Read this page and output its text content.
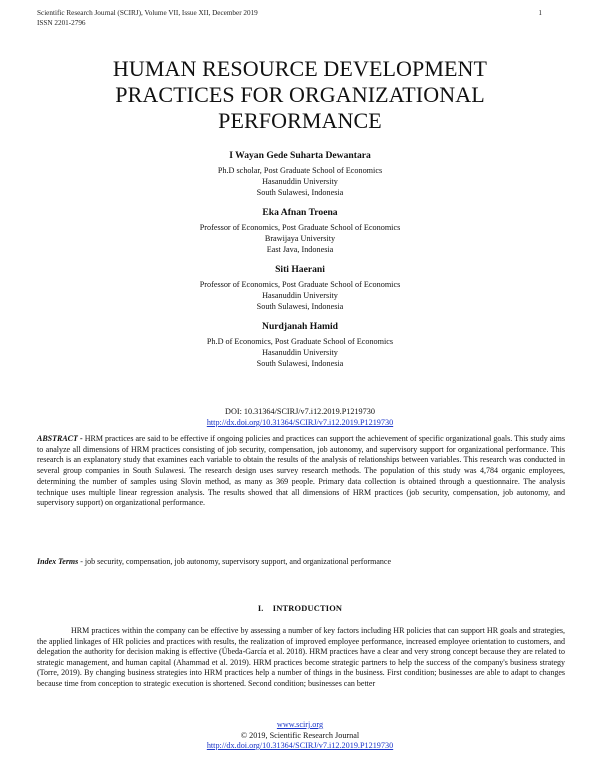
Scientific Research Journal (SCIRJ), Volume VII, Issue XII, December 2019
ISSN 2201-2796
1
HUMAN RESOURCE DEVELOPMENT
PRACTICES FOR ORGANIZATIONAL
PERFORMANCE
I Wayan Gede Suharta Dewantara
Ph.D scholar, Post Graduate School of Economics
Hasanuddin University
South Sulawesi, Indonesia
Eka Afnan Troena
Professor of Economics, Post Graduate School of Economics
Brawijaya University
East Java, Indonesia
Siti Haerani
Professor of Economics, Post Graduate School of Economics
Hasanuddin University
South Sulawesi, Indonesia
Nurdjanah Hamid
Ph.D of Economics, Post Graduate School of Economics
Hasanuddin University
South Sulawesi, Indonesia
DOI: 10.31364/SCIRJ/v7.i12.2019.P1219730
http://dx.doi.org/10.31364/SCIRJ/v7.i12.2019.P1219730
ABSTRACT - HRM practices are said to be effective if ongoing policies and practices can support the achievement of specific organizational goals. This study aims to analyze all dimensions of HRM practices consisting of job security, compensation, job autonomy, and supervisory support for organizational performance. This research is an explanatory study that examines each variable to obtain the results of the analysis of relationships between variables. This research was conducted in several group companies in South Sulawesi. The research design uses survey research methods. The population of this study was 4,784 organic employees, determining the number of samples using Slovin method, as many as 369 people. Primary data collection is obtained through a questionnaire. The analysis technique uses multiple linear regression analysis. The results showed that all dimensions of HRM practices (job security, compensation, job autonomy, and supervisory support) on organizational performance.
Index Terms - job security, compensation, job autonomy, supervisory support, and organizational performance
I.    INTRODUCTION
HRM practices within the company can be effective by assessing a number of key factors including HR policies that can support HR goals and strategies, the applied linkages of HR policies and practices with results, the realization of improved employee performance, increased employee orientation to customers, and delegation the authority for decision making is effective (Úbeda-García et al. 2018). HRM practices have a clear and very strong concept because they are related to strategic management, and human capital (Ahammad et al. 2019). HRM practices become strategic partners to help the success of the company's business strategy (Torre, 2019). By changing business strategies into HRM practices help a number of things in the business. First condition; businesses are able to adapt to changes because time from conception to strategic execution is shortened. Second condition; businesses can better
www.scirj.org
© 2019, Scientific Research Journal
http://dx.doi.org/10.31364/SCIRJ/v7.i12.2019.P1219730
